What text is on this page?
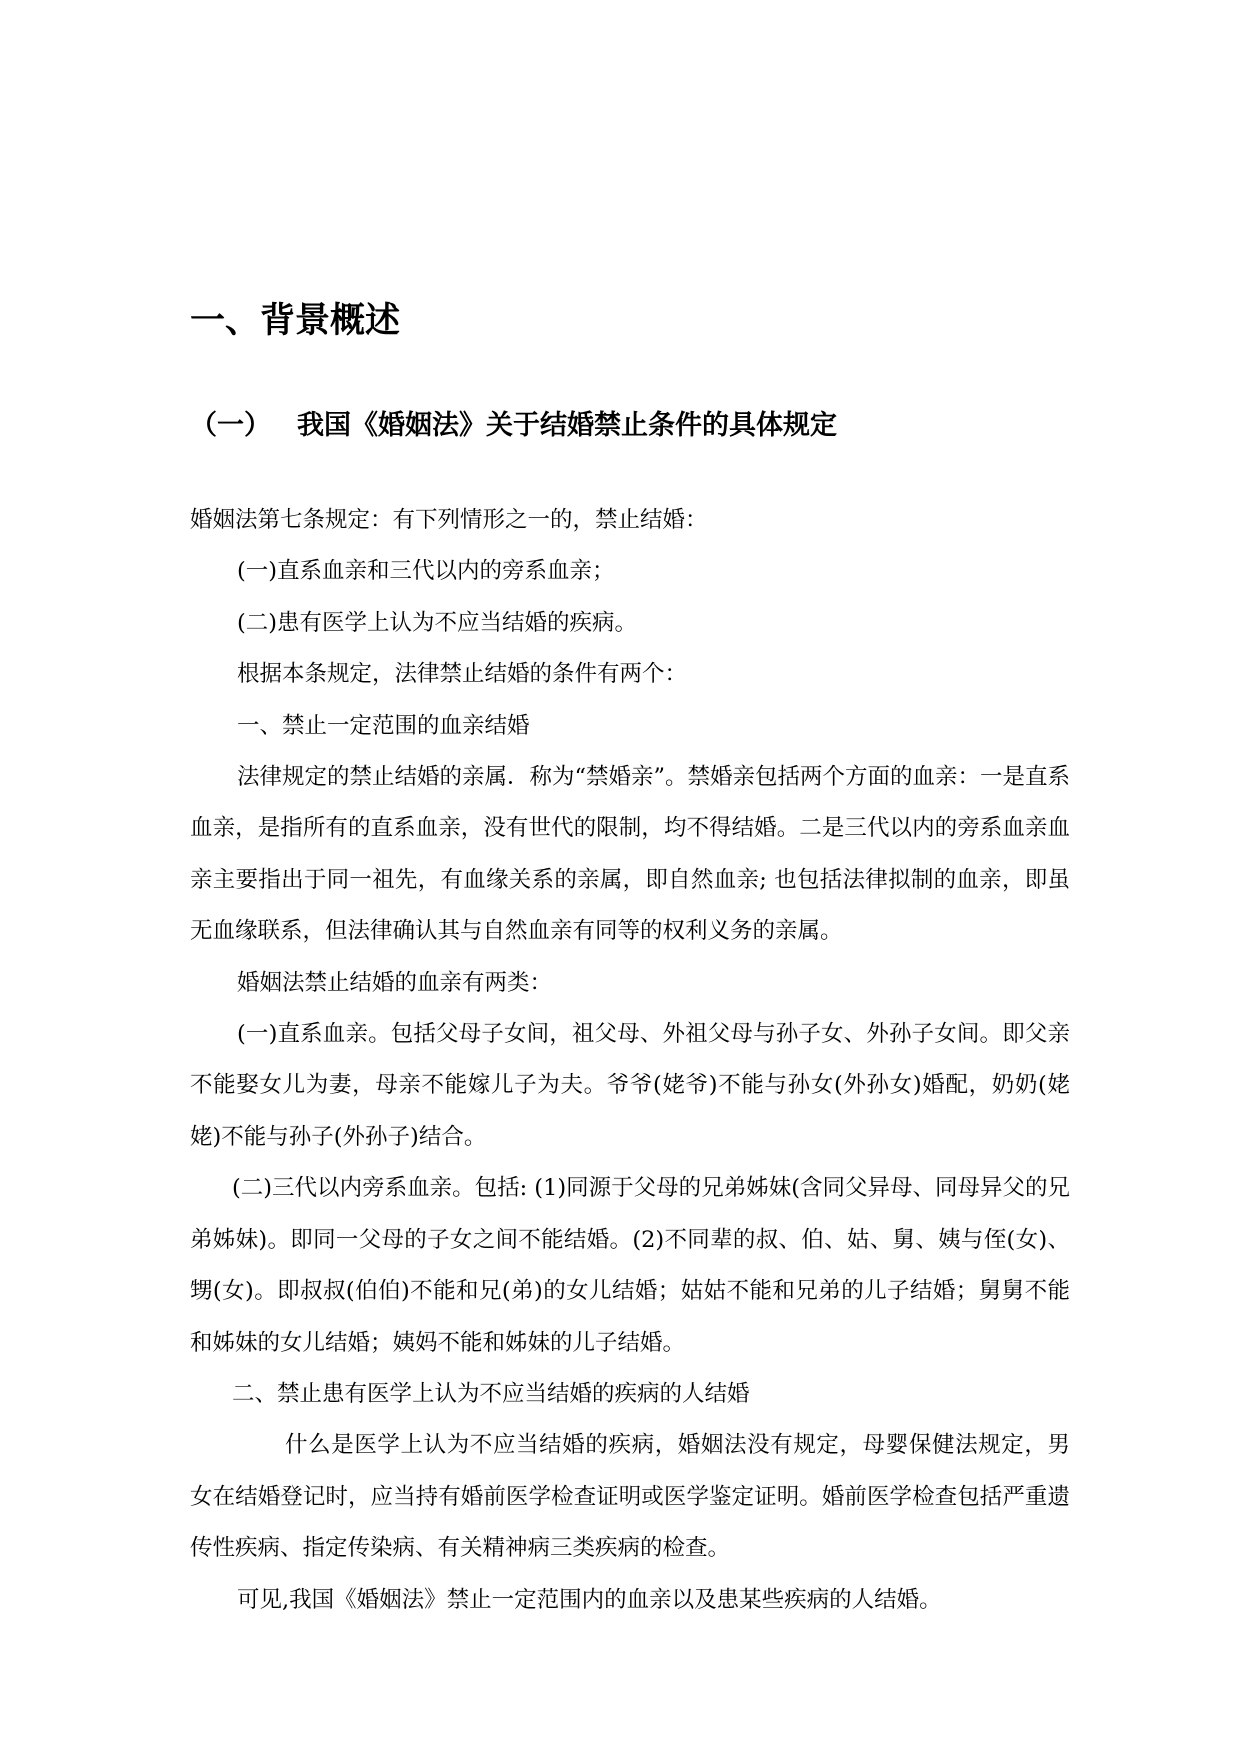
一、背景概述
（一） 我国《婚姻法》关于结婚禁止条件的具体规定

婚姻法第七条规定：有下列情形之一的，禁止结婚：

(一)直系血亲和三代以内的旁系血亲；

(二)患有医学上认为不应当结婚的疾病。

根据本条规定，法律禁止结婚的条件有两个：

一、禁止一定范围的血亲结婚

法律规定的禁止结婚的亲属．称为“禁婚亲”。禁婚亲包括两个方面的血亲：一是直系血亲，是指所有的直系血亲，没有世代的限制，均不得结婚。二是三代以内的旁系血亲血亲主要指出于同一祖先，有血缘关系的亲属，即自然血亲; 也包括法律拟制的血亲，即虽无血缘联系，但法律确认其与自然血亲有同等的权利义务的亲属。

婚姻法禁止结婚的血亲有两类：

(一)直系血亲。包括父母子女间，祖父母、外祖父母与孙子女、外孙子女间。即父亲不能娶女儿为妻，母亲不能嫁儿子为夫。爷爷(姥爷)不能与孙女(外孙女)婚配，奶奶(姥姥)不能与孙子(外孙子)结合。

(二)三代以内旁系血亲。包括: (1)同源于父母的兄弟姊妹(含同父异母、同母异父的兄弟姊妹)。即同一父母的子女之间不能结婚。(2)不同辈的叔、伯、姑、舅、姨与侄(女)、甥(女)。即叔叔(伯伯)不能和兄(弟)的女儿结婚；姑姑不能和兄弟的儿子结婚；舅舅不能和姊妹的女儿结婚；姨妈不能和姊妹的儿子结婚。

二、禁止患有医学上认为不应当结婚的疾病的人结婚

什么是医学上认为不应当结婚的疾病，婚姻法没有规定，母婴保健法规定，男女在结婚登记时，应当持有婚前医学检查证明或医学鉴定证明。婚前医学检查包括严重遗传性疾病、指定传染病、有关精神病三类疾病的检查。

可见,我国《婚姻法》禁止一定范围内的血亲以及患某些疾病的人结婚。
